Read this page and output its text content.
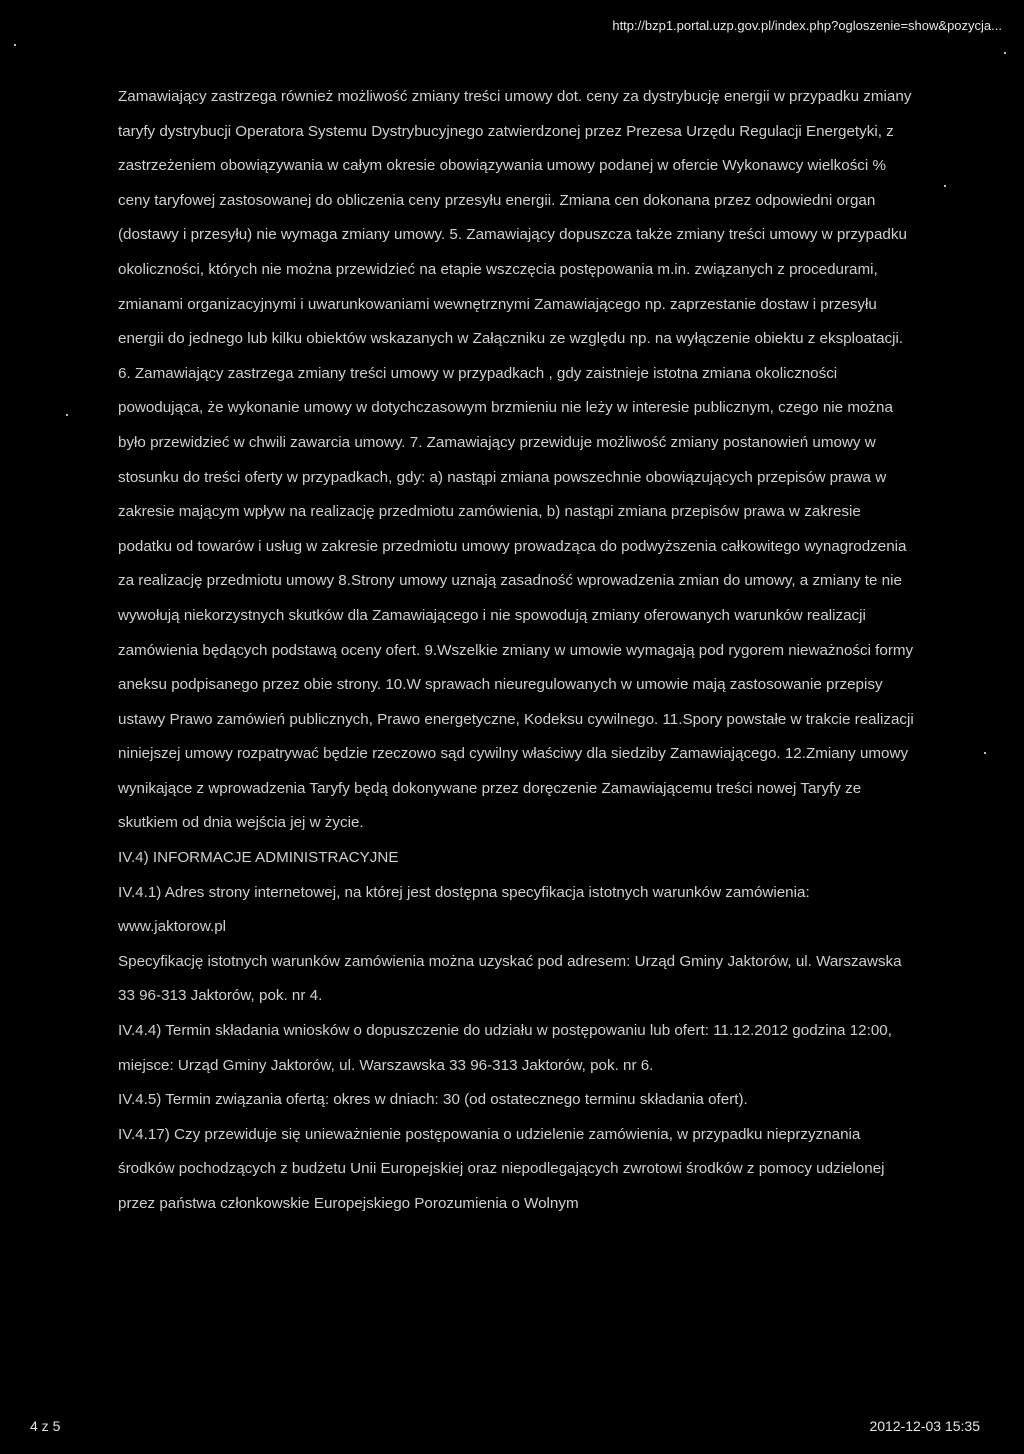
http://bzp1.portal.uzp.gov.pl/index.php?ogloszenie=show&pozycja...

Zamawiający zastrzega również możliwość zmiany treści umowy dot. ceny za dystrybucję energii w przypadku zmiany taryfy dystrybucji Operatora Systemu Dystrybucyjnego zatwierdzonej przez Prezesa Urzędu Regulacji Energetyki, z zastrzeżeniem obowiązywania w całym okresie obowiązywania umowy podanej w ofercie Wykonawcy wielkości % ceny taryfowej zastosowanej do obliczenia ceny przesyłu energii. Zmiana cen dokonana przez odpowiedni organ (dostawy i przesyłu) nie wymaga zmiany umowy. 5. Zamawiający dopuszcza także zmiany treści umowy w przypadku okoliczności, których nie można przewidzieć na etapie wszczęcia postępowania m.in. związanych z procedurami, zmianami organizacyjnymi i uwarunkowaniami wewnętrznymi Zamawiającego np. zaprzestanie dostaw i przesyłu energii do jednego lub kilku obiektów wskazanych w Załączniku ze względu np. na wyłączenie obiektu z eksploatacji. 6. Zamawiający zastrzega zmiany treści umowy w przypadkach , gdy zaistnieje istotna zmiana okoliczności powodująca, że wykonanie umowy w dotychczasowym brzmieniu nie leży w interesie publicznym, czego nie można było przewidzieć w chwili zawarcia umowy. 7. Zamawiający przewiduje możliwość zmiany postanowień umowy w stosunku do treści oferty w przypadkach, gdy: a) nastąpi zmiana powszechnie obowiązujących przepisów prawa w zakresie mającym wpływ na realizację przedmiotu zamówienia, b) nastąpi zmiana przepisów prawa w zakresie podatku od towarów i usług w zakresie przedmiotu umowy prowadząca do podwyższenia całkowitego wynagrodzenia za realizację przedmiotu umowy 8.Strony umowy uznają zasadność wprowadzenia zmian do umowy, a zmiany te nie wywołują niekorzystnych skutków dla Zamawiającego i nie spowodują zmiany oferowanych warunków realizacji zamówienia będących podstawą oceny ofert. 9.Wszelkie zmiany w umowie wymagają pod rygorem nieważności formy aneksu podpisanego przez obie strony. 10.W sprawach nieuregulowanych w umowie mają zastosowanie przepisy ustawy Prawo zamówień publicznych, Prawo energetyczne, Kodeksu cywilnego. 11.Spory powstałe w trakcie realizacji niniejszej umowy rozpatrywać będzie rzeczowo sąd cywilny właściwy dla siedziby Zamawiającego. 12.Zmiany umowy wynikające z wprowadzenia Taryfy będą dokonywane przez doręczenie Zamawiającemu treści nowej Taryfy ze skutkiem od dnia wejścia jej w życie.

IV.4) INFORMACJE ADMINISTRACYJNE

IV.4.1) Adres strony internetowej, na której jest dostępna specyfikacja istotnych warunków zamówienia: www.jaktorow.pl

Specyfikację istotnych warunków zamówienia można uzyskać pod adresem: Urząd Gminy Jaktorów, ul. Warszawska 33 96-313 Jaktorów, pok. nr 4.

IV.4.4) Termin składania wniosków o dopuszczenie do udziału w postępowaniu lub ofert: 11.12.2012 godzina 12:00, miejsce: Urząd Gminy Jaktorów, ul. Warszawska 33 96-313 Jaktorów, pok. nr 6.

IV.4.5) Termin związania ofertą: okres w dniach: 30 (od ostatecznego terminu składania ofert).

IV.4.17) Czy przewiduje się unieważnienie postępowania o udzielenie zamówienia, w przypadku nieprzyznania środków pochodzących z budżetu Unii Europejskiej oraz niepodlegających zwrotowi środków z pomocy udzielonej przez państwa członkowskie Europejskiego Porozumienia o Wolnym

4 z 5	2012-12-03 15:35
